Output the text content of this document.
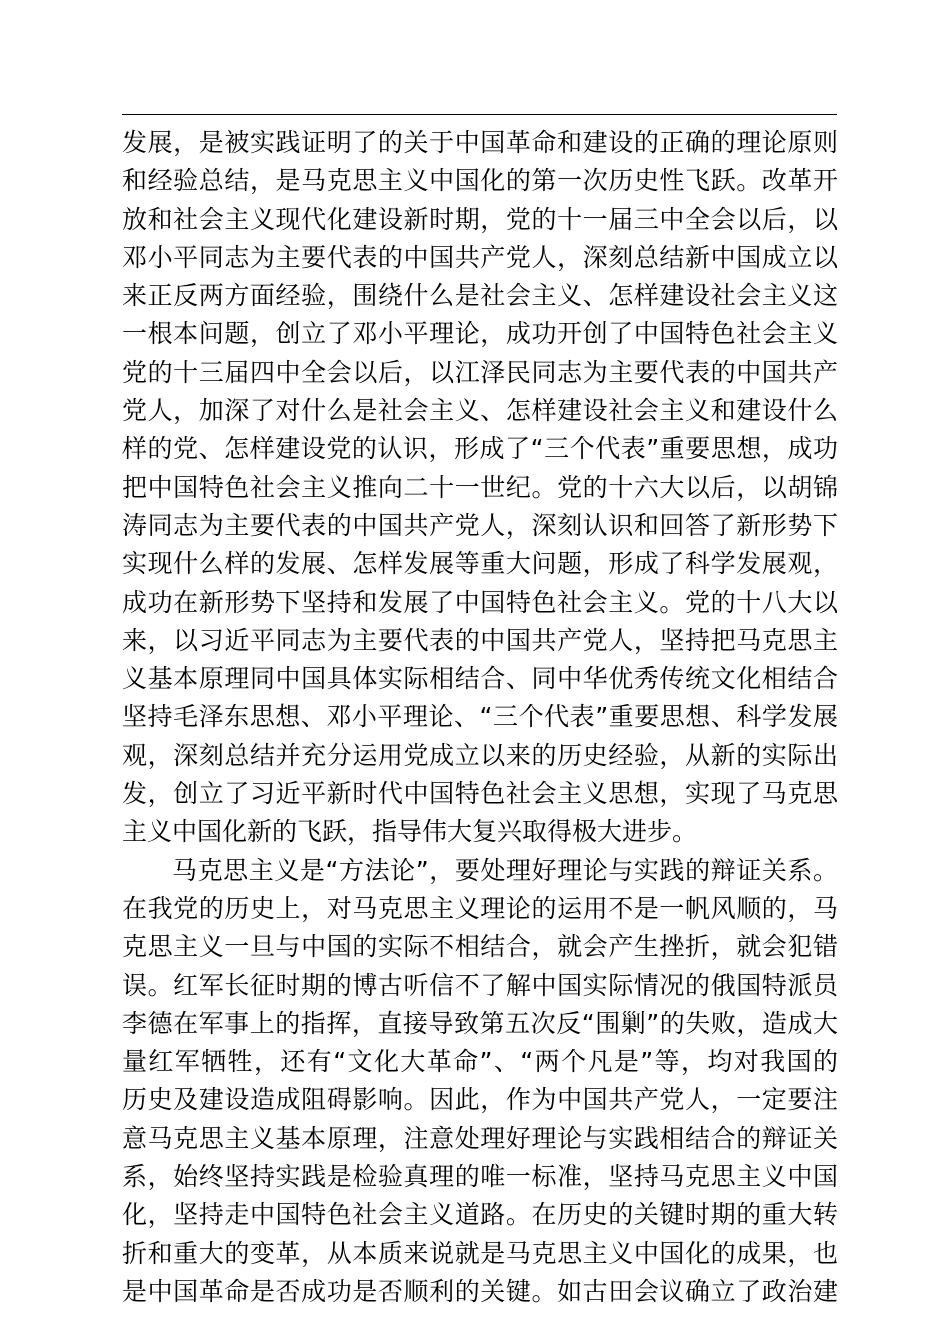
发展，是被实践证明了的关于中国革命和建设的正确的理论原则
和经验总结，是马克思主义中国化的第一次历史性飞跃。改革开
放和社会主义现代化建设新时期，党的十一届三中全会以后，以
邓小平同志为主要代表的中国共产党人，深刻总结新中国成立以
来正反两方面经验，围绕什么是社会主义、怎样建设社会主义这
一根本问题，创立了邓小平理论，成功开创了中国特色社会主义
党的十三届四中全会以后，以江泽民同志为主要代表的中国共产
党人，加深了对什么是社会主义、怎样建设社会主义和建设什么
样的党、怎样建设党的认识，形成了“三个代表”重要思想，成功
把中国特色社会主义推向二十一世纪。党的十六大以后，以胡锦
涛同志为主要代表的中国共产党人，深刻认识和回答了新形势下
实现什么样的发展、怎样发展等重大问题，形成了科学发展观，
成功在新形势下坚持和发展了中国特色社会主义。党的十八大以
来，以习近平同志为主要代表的中国共产党人，坚持把马克思主
义基本原理同中国具体实际相结合、同中华优秀传统文化相结合
坚持毛泽东思想、邓小平理论、“三个代表”重要思想、科学发展
观，深刻总结并充分运用党成立以来的历史经验，从新的实际出
发，创立了习近平新时代中国特色社会主义思想，实现了马克思
主义中国化新的飞跃，指导伟大复兴取得极大进步。
马克思主义是“方法论”，要处理好理论与实践的辩证关系。
在我党的历史上，对马克思主义理论的运用不是一帆风顺的，马
克思主义一旦与中国的实际不相结合，就会产生挫折，就会犯错
误。红军长征时期的博古听信不了解中国实际情况的俄国特派员
李德在军事上的指挥，直接导致第五次反“围剿”的失败，造成大
量红军牺牲，还有“文化大革命”、“两个凡是”等，均对我国的
历史及建设造成阻碍影响。因此，作为中国共产党人，一定要注
意马克思主义基本原理，注意处理好理论与实践相结合的辩证关
系，始终坚持实践是检验真理的唯一标准，坚持马克思主义中国
化，坚持走中国特色社会主义道路。在历史的关键时期的重大转
折和重大的变革，从本质来说就是马克思主义中国化的成果，也
是中国革命是否成功是否顺利的关键。如古田会议确立了政治建
